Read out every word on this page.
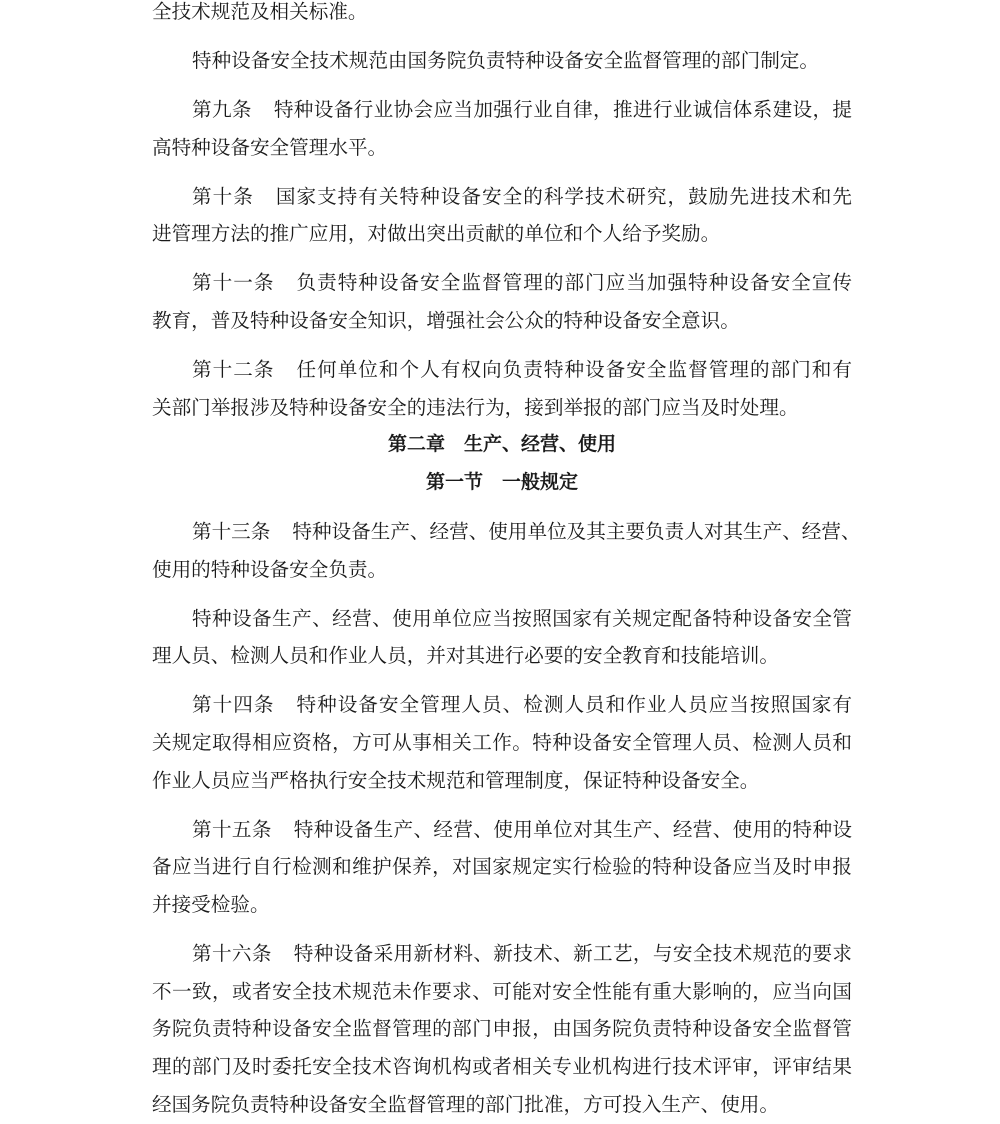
全技术规范及相关标准。
特种设备安全技术规范由国务院负责特种设备安全监督管理的部门制定。
第九条 特种设备行业协会应当加强行业自律，推进行业诚信体系建设，提
高特种设备安全管理水平。
第十条 国家支持有关特种设备安全的科学技术研究，鼓励先进技术和先
进管理方法的推广应用，对做出突出贡献的单位和个人给予奖励。
第十一条 负责特种设备安全监督管理的部门应当加强特种设备安全宣传
教育，普及特种设备安全知识，增强社会公众的特种设备安全意识。
第十二条 任何单位和个人有权向负责特种设备安全监督管理的部门和有
关部门举报涉及特种设备安全的违法行为，接到举报的部门应当及时处理。
第二章　生产、经营、使用
第一节　一般规定
第十三条 特种设备生产、经营、使用单位及其主要负责人对其生产、经营、
使用的特种设备安全负责。
特种设备生产、经营、使用单位应当按照国家有关规定配备特种设备安全管
理人员、检测人员和作业人员，并对其进行必要的安全教育和技能培训。
第十四条 特种设备安全管理人员、检测人员和作业人员应当按照国家有
关规定取得相应资格，方可从事相关工作。特种设备安全管理人员、检测人员和
作业人员应当严格执行安全技术规范和管理制度，保证特种设备安全。
第十五条 特种设备生产、经营、使用单位对其生产、经营、使用的特种设
备应当进行自行检测和维护保养，对国家规定实行检验的特种设备应当及时申报
并接受检验。
第十六条 特种设备采用新材料、新技术、新工艺，与安全技术规范的要求
不一致，或者安全技术规范未作要求、可能对安全性能有重大影响的，应当向国
务院负责特种设备安全监督管理的部门申报，由国务院负责特种设备安全监督管
理的部门及时委托安全技术咨询机构或者相关专业机构进行技术评审，评审结果
经国务院负责特种设备安全监督管理的部门批准，方可投入生产、使用。
